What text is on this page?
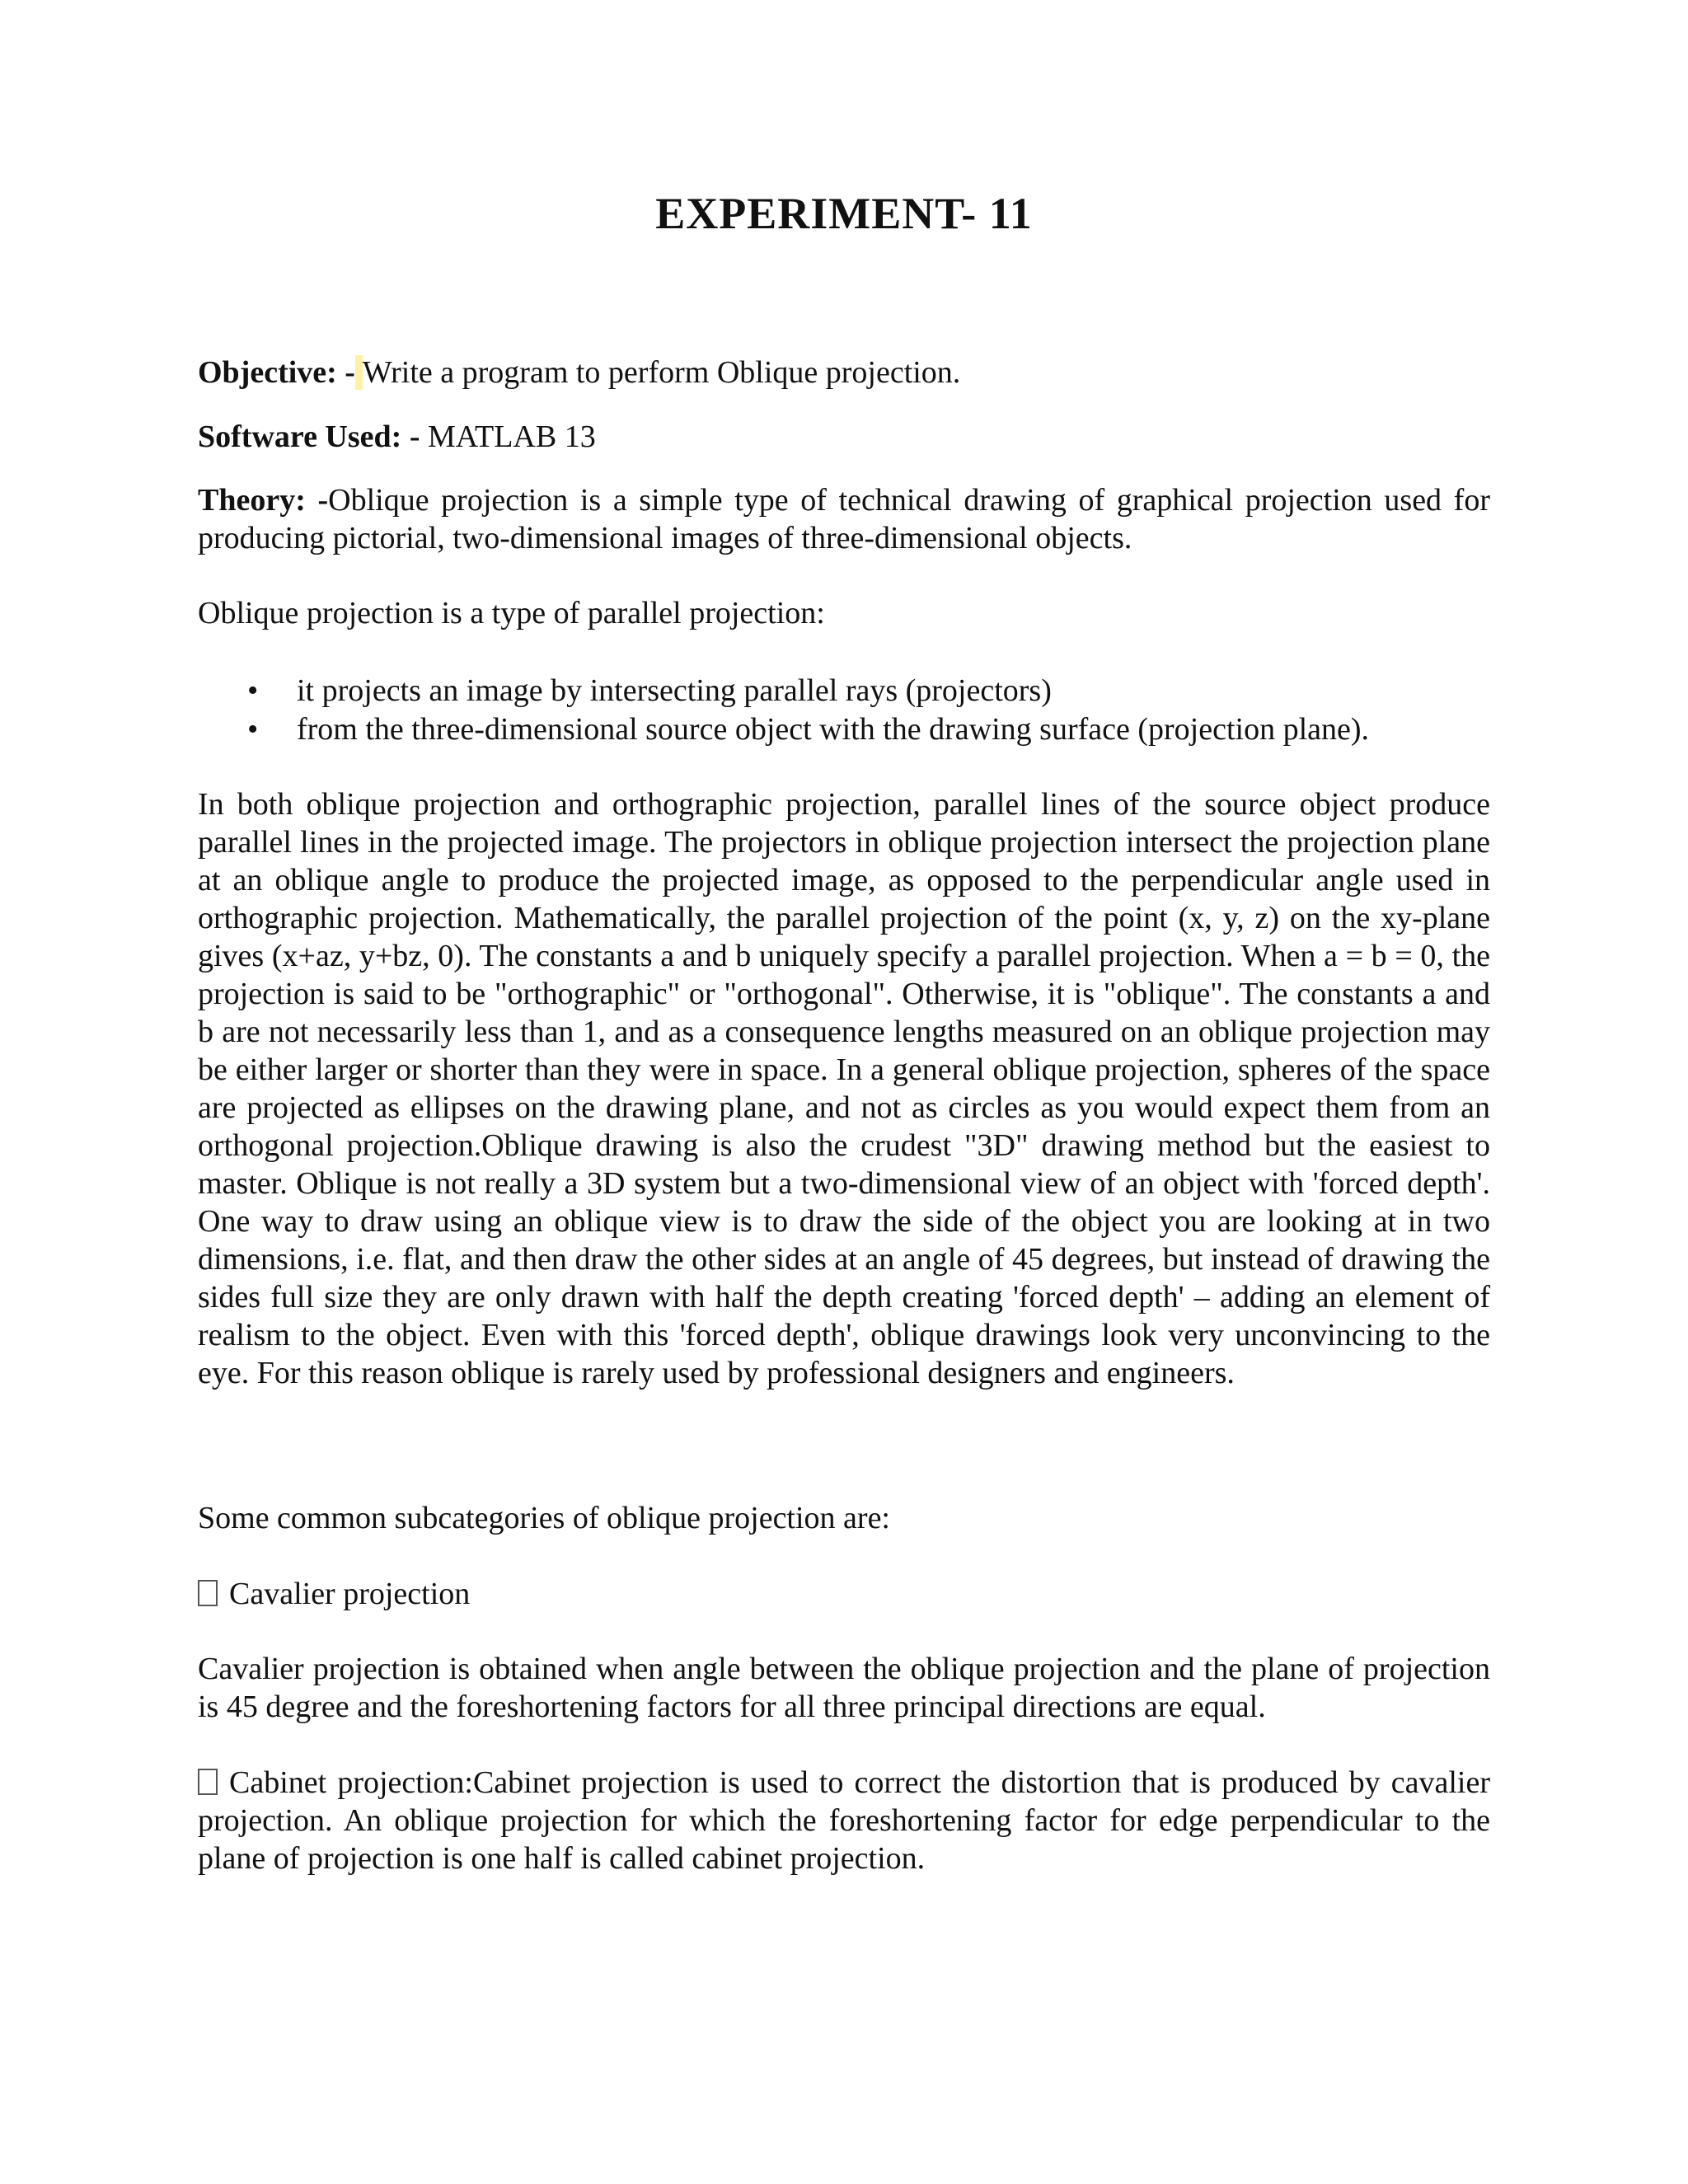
EXPERIMENT- 11

Objective: - Write a program to perform Oblique projection.

Software Used: - MATLAB 13

Theory: -Oblique projection is a simple type of technical drawing of graphical projection used for producing pictorial, two-dimensional images of three-dimensional objects.

Oblique projection is a type of parallel projection:

• it projects an image by intersecting parallel rays (projectors)
• from the three-dimensional source object with the drawing surface (projection plane).

In both oblique projection and orthographic projection, parallel lines of the source object produce parallel lines in the projected image. The projectors in oblique projection intersect the projection plane at an oblique angle to produce the projected image, as opposed to the perpendicular angle used in orthographic projection. Mathematically, the parallel projection of the point (x, y, z) on the xy-plane gives (x+az, y+bz, 0). The constants a and b uniquely specify a parallel projection. When a = b = 0, the projection is said to be "orthographic" or "orthogonal". Otherwise, it is "oblique". The constants a and b are not necessarily less than 1, and as a consequence lengths measured on an oblique projection may be either larger or shorter than they were in space. In a general oblique projection, spheres of the space are projected as ellipses on the drawing plane, and not as circles as you would expect them from an orthogonal projection.Oblique drawing is also the crudest "3D" drawing method but the easiest to master. Oblique is not really a 3D system but a two-dimensional view of an object with 'forced depth'. One way to draw using an oblique view is to draw the side of the object you are looking at in two dimensions, i.e. flat, and then draw the other sides at an angle of 45 degrees, but instead of drawing the sides full size they are only drawn with half the depth creating 'forced depth' – adding an element of realism to the object. Even with this 'forced depth', oblique drawings look very unconvincing to the eye. For this reason oblique is rarely used by professional designers and engineers.

Some common subcategories of oblique projection are:

Cavalier projection

Cavalier projection is obtained when angle between the oblique projection and the plane of projection is 45 degree and the foreshortening factors for all three principal directions are equal.

Cabinet projection:Cabinet projection is used to correct the distortion that is produced by cavalier projection. An oblique projection for which the foreshortening factor for edge perpendicular to the plane of projection is one half is called cabinet projection.
